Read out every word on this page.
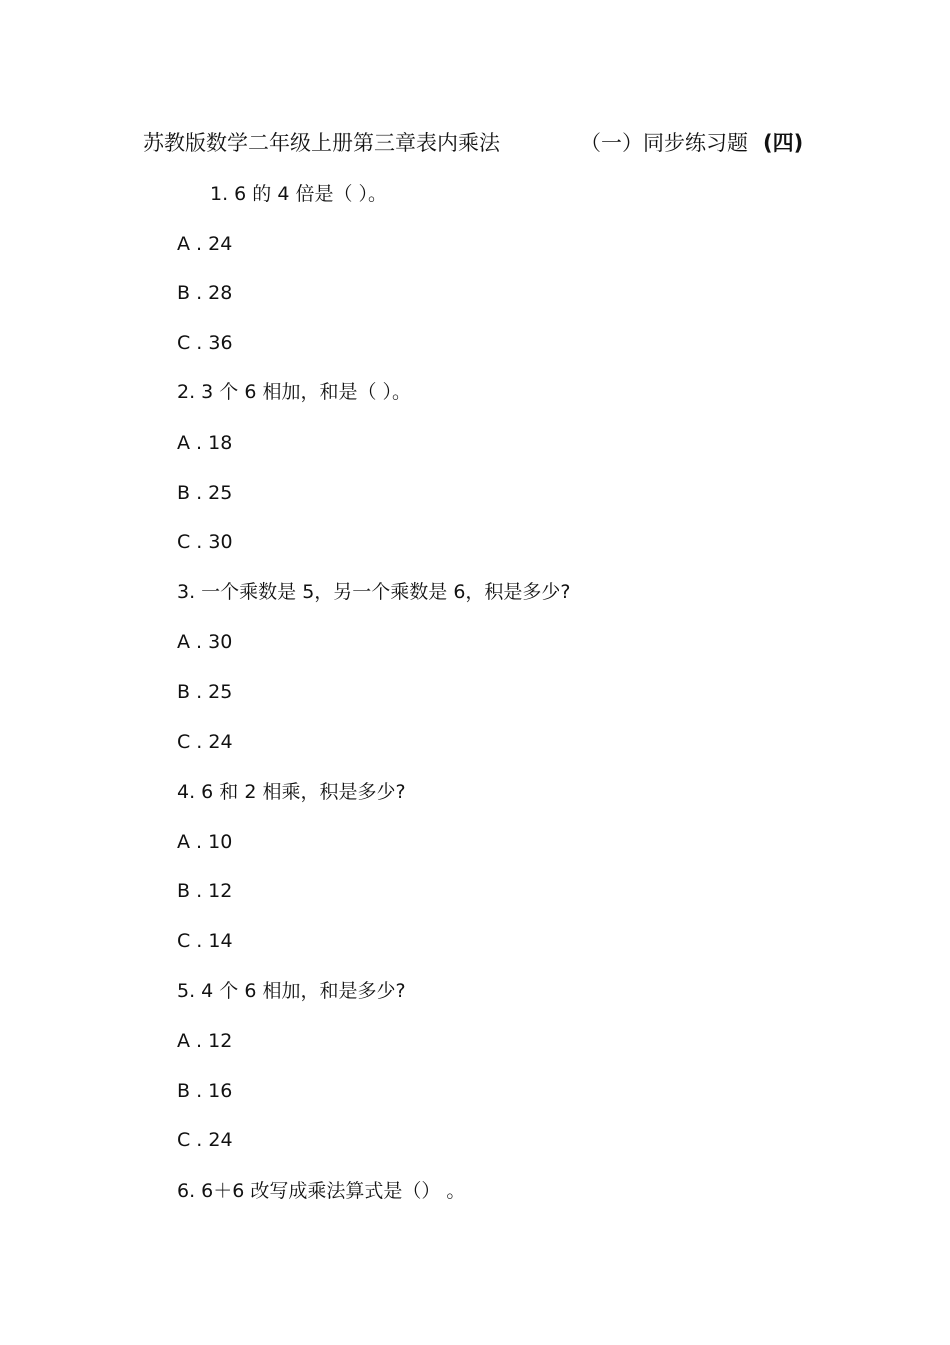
苏教版数学二年级上册第三章表内乘法	（一）同步练习题 (四)
1. 6 的 4 倍是（ ）。
A . 24
B . 28
C . 36
2. 3 个 6 相加，和是（ ）。
A . 18
B . 25
C . 30
3. 一个乘数是 5，另一个乘数是 6，积是多少?
A . 30
B . 25
C . 24
4. 6 和 2 相乘，积是多少?
A . 10
B . 12
C . 14
5. 4 个 6 相加，和是多少?
A . 12
B . 16
C . 24
6. 6＋6 改写成乘法算式是（） 。
